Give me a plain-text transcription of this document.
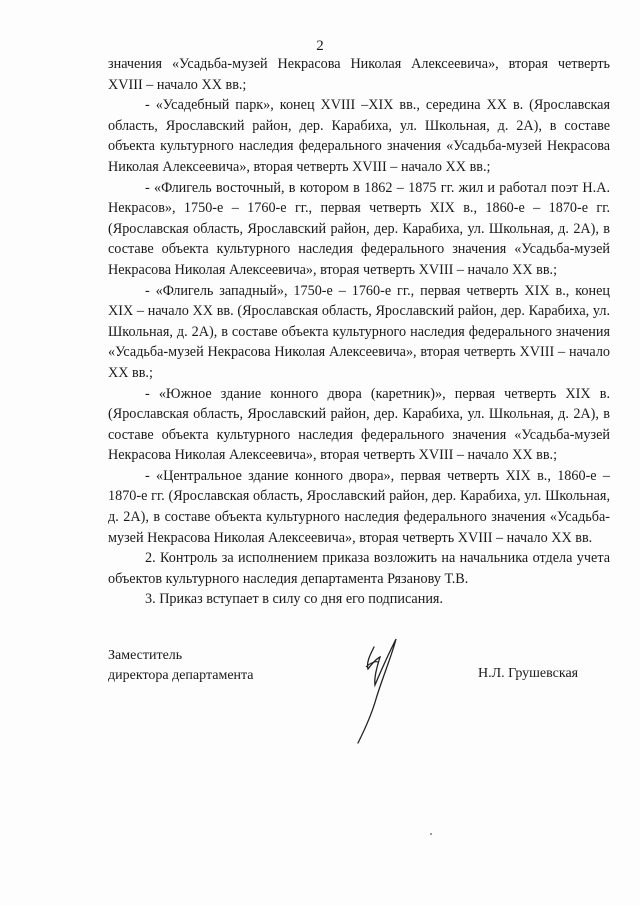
2

значения «Усадьба-музей Некрасова Николая Алексеевича», вторая четверть XVIII – начало XX вв.;

- «Усадебный парк», конец XVIII –XIX вв., середина XX в. (Ярославская область, Ярославский район, дер. Карабиха, ул. Школьная, д. 2А), в составе объекта культурного наследия федерального значения «Усадьба-музей Некрасова Николая Алексеевича», вторая четверть XVIII – начало XX вв.;

- «Флигель восточный, в котором в 1862 – 1875 гг. жил и работал поэт Н.А. Некрасов», 1750-е – 1760-е гг., первая четверть XIX в., 1860-е – 1870-е гг. (Ярославская область, Ярославский район, дер. Карабиха, ул. Школьная, д. 2А), в составе объекта культурного наследия федерального значения «Усадьба-музей Некрасова Николая Алексеевича», вторая четверть XVIII – начало XX вв.;

- «Флигель западный», 1750-е – 1760-е гг., первая четверть XIX в., конец XIX – начало XX вв. (Ярославская область, Ярославский район, дер. Карабиха, ул. Школьная, д. 2А), в составе объекта культурного наследия федерального значения «Усадьба-музей Некрасова Николая Алексеевича», вторая четверть XVIII – начало XX вв.;

- «Южное здание конного двора (каретник)», первая четверть XIX в. (Ярославская область, Ярославский район, дер. Карабиха, ул. Школьная, д. 2А), в составе объекта культурного наследия федерального значения «Усадьба-музей Некрасова Николая Алексеевича», вторая четверть XVIII – начало XX вв.;

- «Центральное здание конного двора», первая четверть XIX в., 1860-е – 1870-е гг. (Ярославская область, Ярославский район, дер. Карабиха, ул. Школьная, д. 2А), в составе объекта культурного наследия федерального значения «Усадьба-музей Некрасова Николая Алексеевича», вторая четверть XVIII – начало XX вв.

2. Контроль за исполнением приказа возложить на начальника отдела учета объектов культурного наследия департамента Рязанову Т.В.

3. Приказ вступает в силу со дня его подписания.

Заместитель
директора департамента	Н.Л. Грушевская
